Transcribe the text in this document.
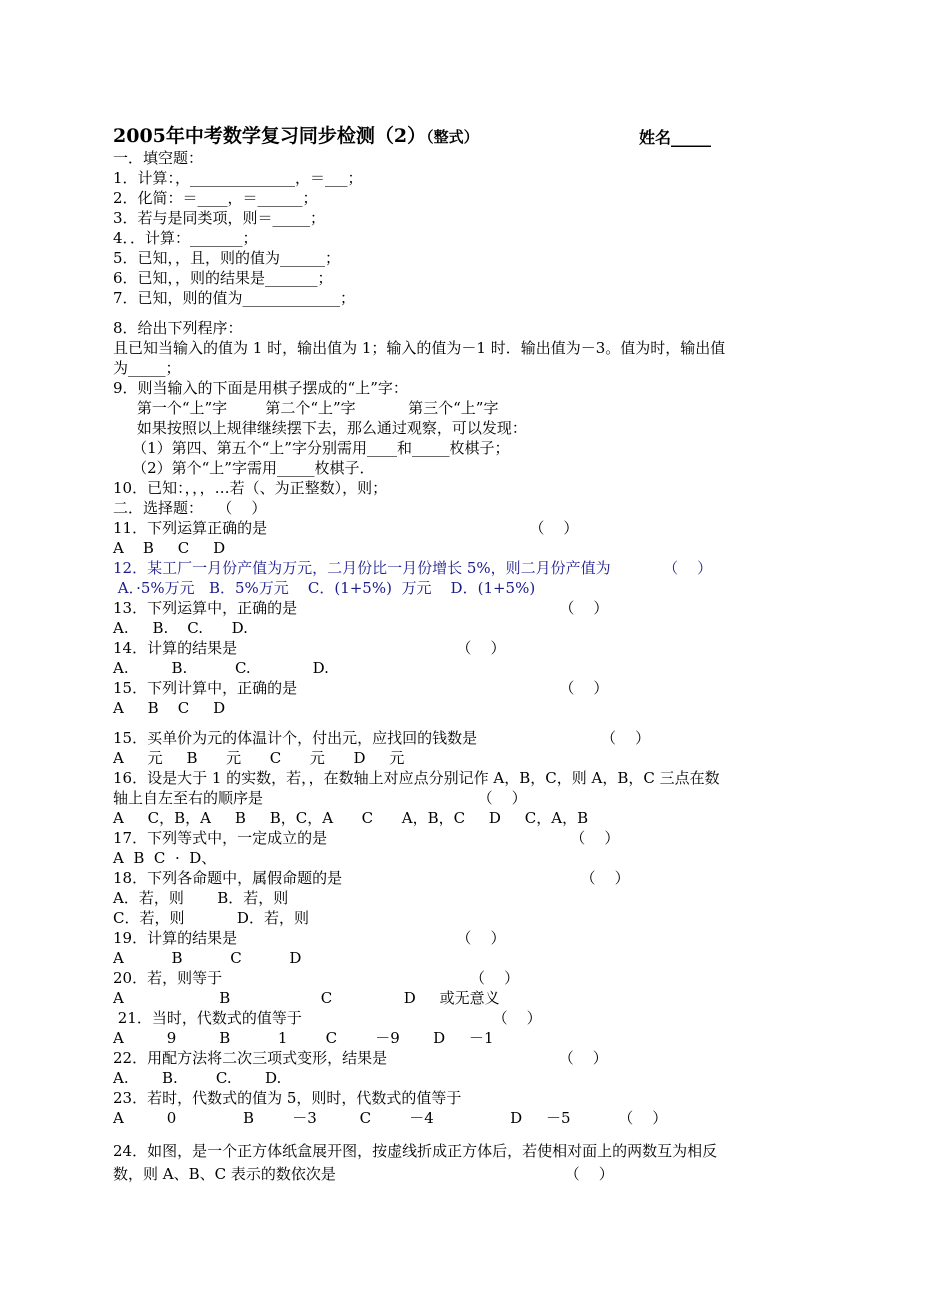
2005年中考数学复习同步检测（2）（整式）	姓名_____
一．填空题：
1．计算：，______________，＝___；
2．化简：＝____，＝______；
3．若与是同类项，则＝_____；
4．．计算：_______；
5．已知，，且，则的值为______；
6．已知，，则的结果是_______；
7．已知，则的值为_____________；
8．给出下列程序：
且已知当输入的值为 1 时，输出值为 1；输入的值为－1 时．输出值为－3。值为时，输出值
为_____；
9．则当输入的下面是用棋子摆成的“上”字：
第一个“上”字        第二个“上”字           第三个“上”字
如果按照以上规律继续摆下去，那么通过观察，可以发现：
（1）第四、第五个“上”字分别需用____和_____枚棋子；
（2）第个“上”字需用_____枚棋子．
10．已知：，，，…若（、为正整数），则；
二．选择题：   （    ）
11．下列运算正确的是                                                       （    ）
A    B     C     D
12．某工厂一月份产值为万元，二月份比一月份增长 5%，则二月份产值为           （    ）
A．·5%万元   B．5%万元    C．(1+5%)  万元    D．(1+5%)
13．下列运算中，正确的是                                                       （    ）
A.     B.    C.      D.
14．计算的结果是                                              （    ）
A.         B.          C.             D.
15．下列计算中，正确的是                                                       （    ）
A     B    C     D
15．买单价为元的体温计个，付出元，应找回的钱数是                          （    ）
A     元     B      元      C      元      D     元
16．设是大于 1 的实数，若，，在数轴上对应点分别记作 A，B，C，则 A，B，C 三点在数
轴上自左至右的顺序是                                             （    ）
A     C，B，A     B     B，C，A      C      A，B，C     D     C，A，B
17．下列等式中，一定成立的是                                                   （    ）
A  B  C  ·  D、
18．下列各命题中，属假命题的是                                                  （    ）
A．若，则       B．若，则
C．若，则           D．若，则
19．计算的结果是                                              （    ）
A          B          C          D
20．若，则等于                                                    （    ）
A                    B                   C               D     或无意义
21．当时，代数式的值等于                                        （    ）
A         9         B          1        C        －9       D     －1
22．用配方法将二次三项式变形，结果是                                    （    ）
A.       B.        C.       D.
23．若时，代数式的值为 5，则时，代数式的值等于
A         0              B        －3         C        －4                D     －5          （    ）
24．如图，是一个正方体纸盒展开图，按虚线折成正方体后，若使相对面上的两数互为相反
数，则 A、B、C 表示的数依次是                                                （    ）
